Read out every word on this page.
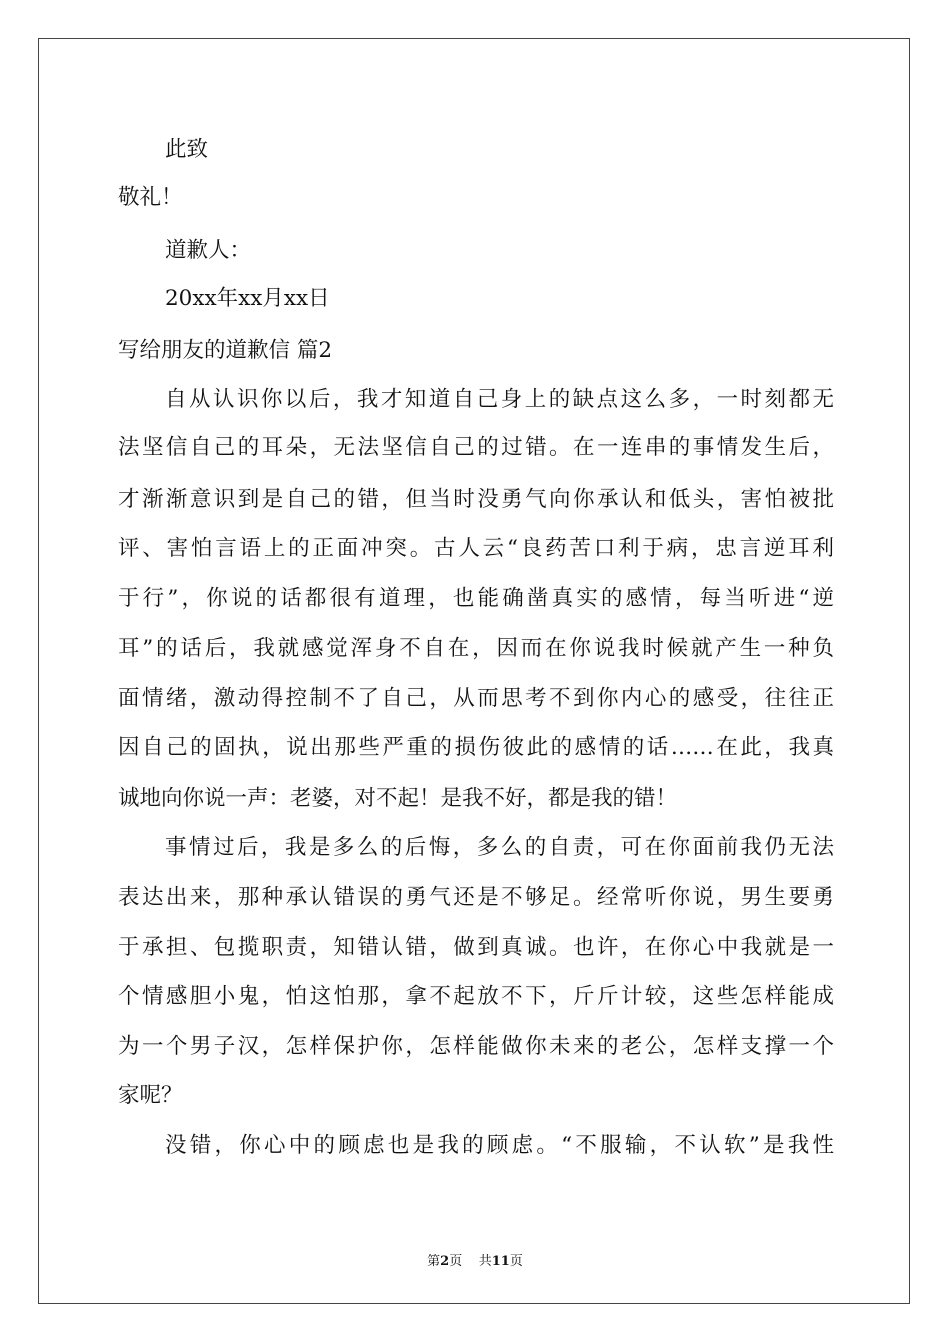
此致
敬礼！
道歉人：
20xx年xx月xx日
写给朋友的道歉信 篇2
自从认识你以后，我才知道自己身上的缺点这么多，一时刻都无
法坚信自己的耳朵，无法坚信自己的过错。在一连串的事情发生后，
才渐渐意识到是自己的错，但当时没勇气向你承认和低头，害怕被批
评、害怕言语上的正面冲突。古人云“良药苦口利于病，忠言逆耳利
于行”，你说的话都很有道理，也能确凿真实的感情，每当听进“逆
耳”的话后，我就感觉浑身不自在，因而在你说我时候就产生一种负
面情绪，激动得控制不了自己，从而思考不到你内心的感受，往往正
因自己的固执，说出那些严重的损伤彼此的感情的话……在此，我真
诚地向你说一声：老婆，对不起！是我不好，都是我的错！
事情过后，我是多么的后悔，多么的自责，可在你面前我仍无法
表达出来，那种承认错误的勇气还是不够足。经常听你说，男生要勇
于承担、包揽职责，知错认错，做到真诚。也许，在你心中我就是一
个情感胆小鬼，怕这怕那，拿不起放不下，斤斤计较，这些怎样能成
为一个男子汉，怎样保护你，怎样能做你未来的老公，怎样支撑一个
家呢？
没错，你心中的顾虑也是我的顾虑。“不服输，不认软”是我性
第2页    共11页
